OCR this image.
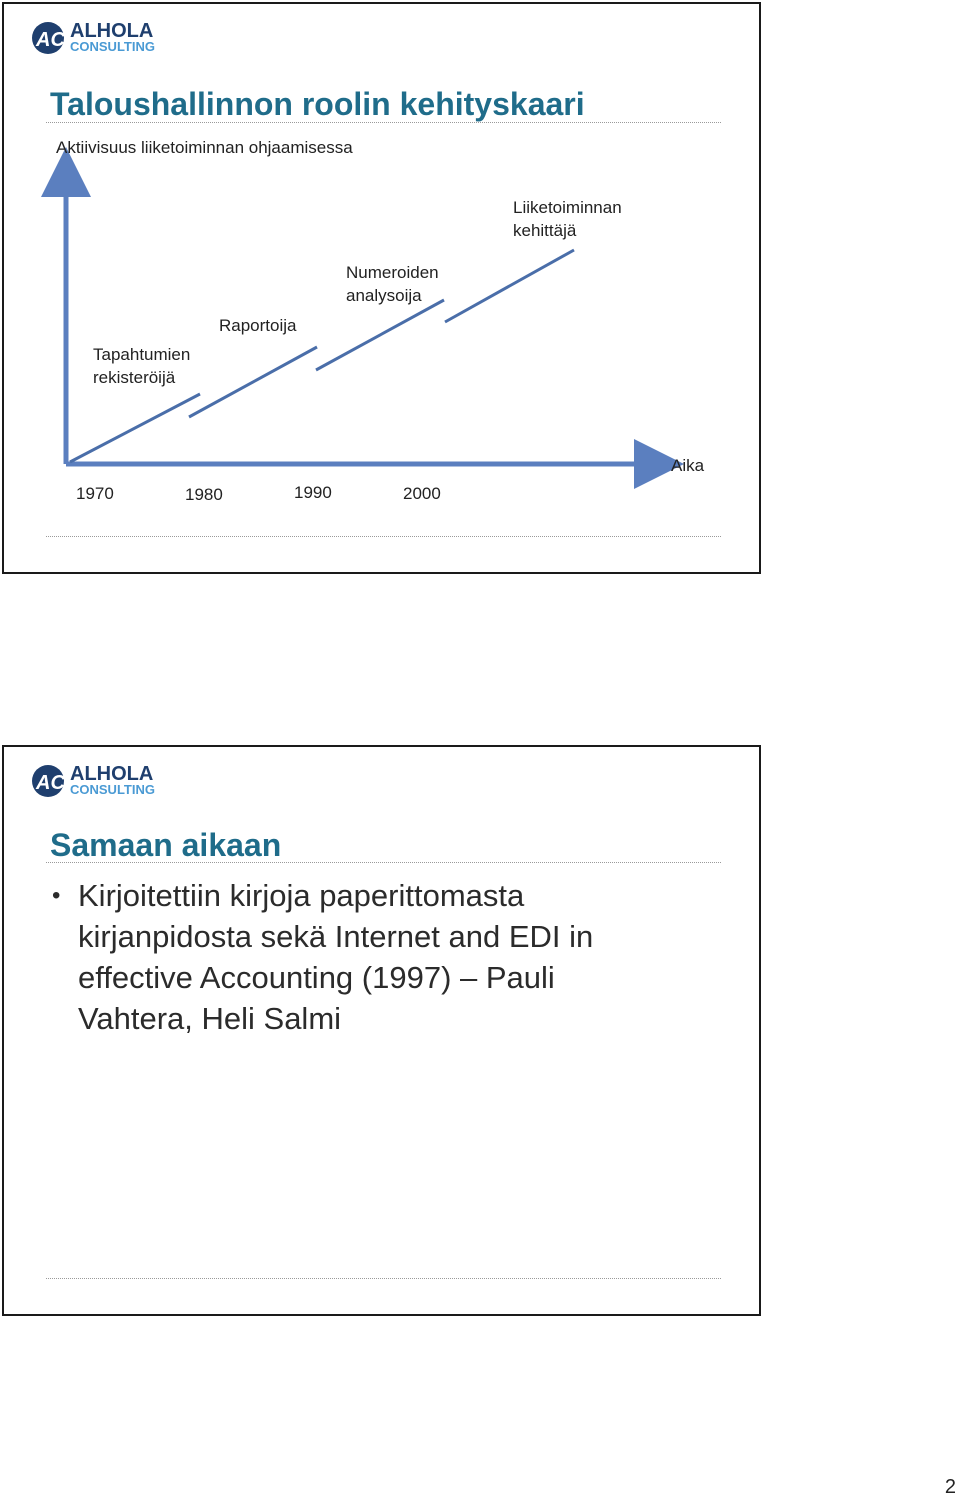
AC ALHOLA
CONSULTING
Taloushallinnon roolin kehityskaari
Aktiivisuus liiketoiminnan ohjaamisessa
Aika
1970	1980	1990	2000
Tapahtumien rekisteröijä
Raportoija
Numeroiden analysoija
Liiketoiminnan kehittäjä
AC ALHOLA
CONSULTING
Samaan aikaan
• Kirjoitettiin kirjoja paperittomasta
kirjanpidosta sekä Internet and EDI in
effective Accounting (1997) – Pauli
Vahtera, Heli Salmi
2
